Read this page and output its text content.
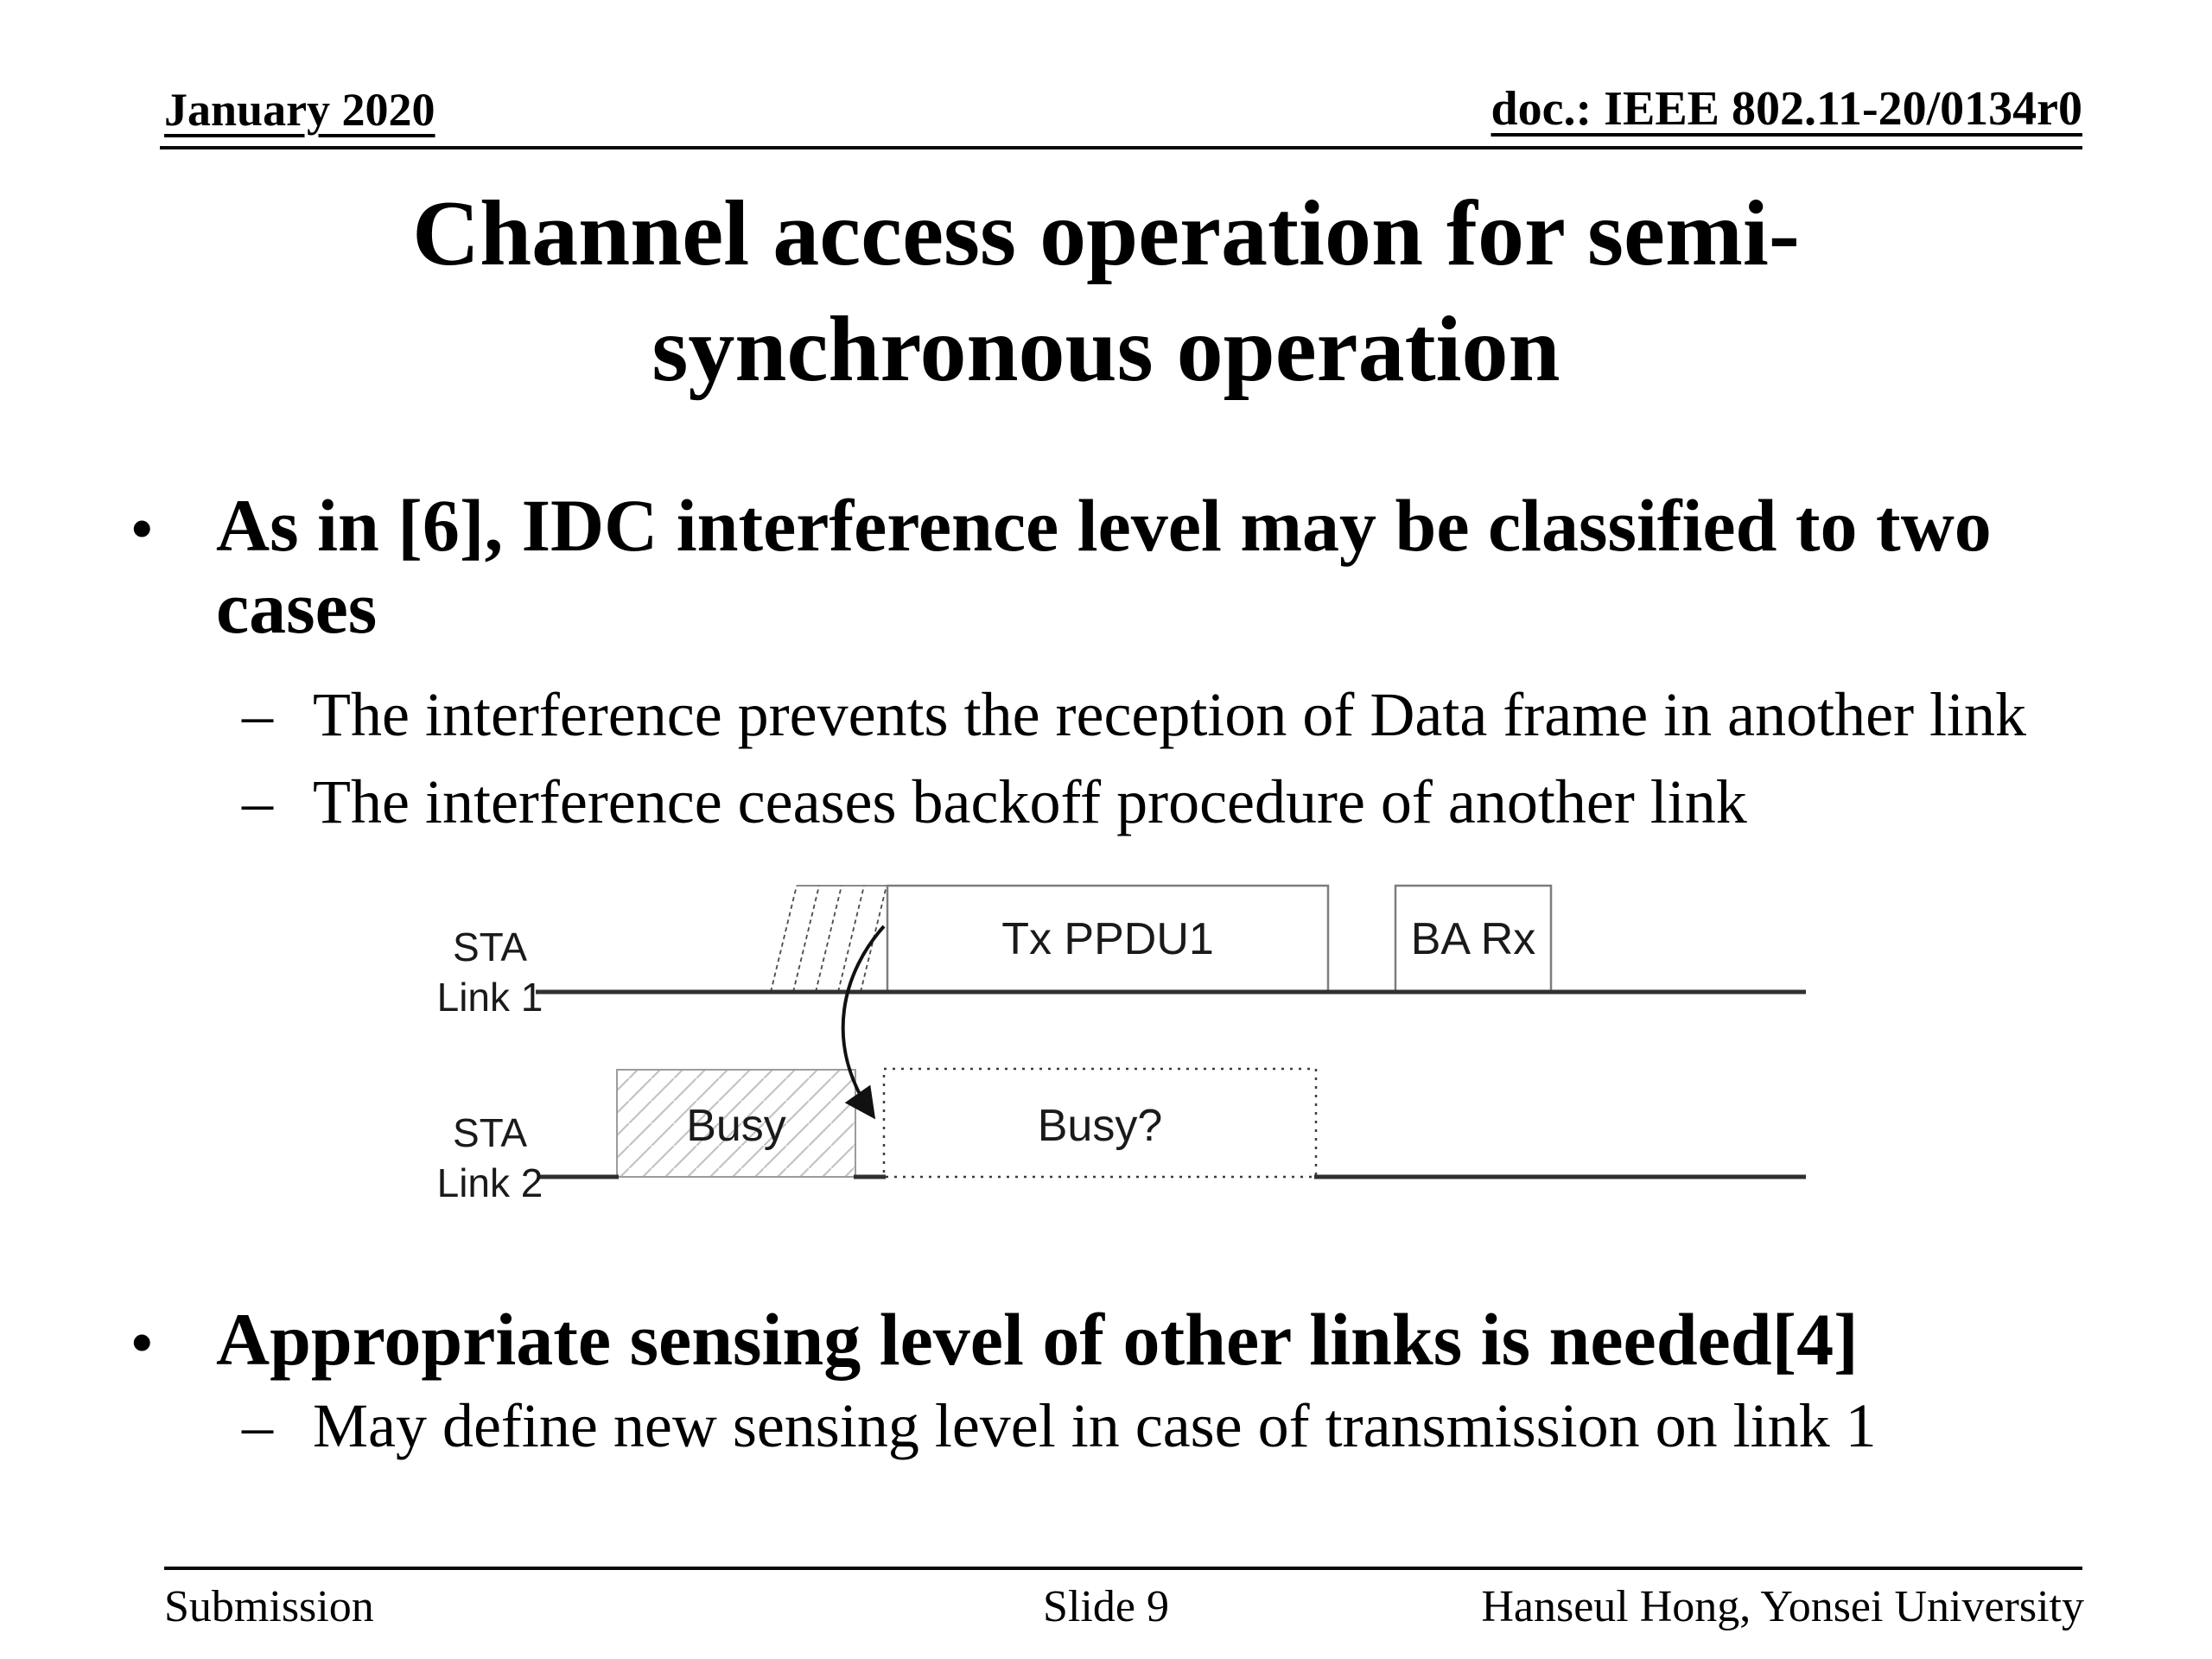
January 2020	doc.: IEEE 802.11-20/0134r0
Channel access operation for semi-
synchronous operation
• As in [6], IDC interference level may be classified to two
cases
– The interference prevents the reception of Data frame in another link
– The interference ceases backoff procedure of another link
STA
Link 1
Tx PPDU1	BA Rx
STA
Link 2
Busy	Busy?
• Appropriate sensing level of other links is needed[4]
– May define new sensing level in case of transmission on link 1
Submission	Slide 9	Hanseul Hong, Yonsei University
